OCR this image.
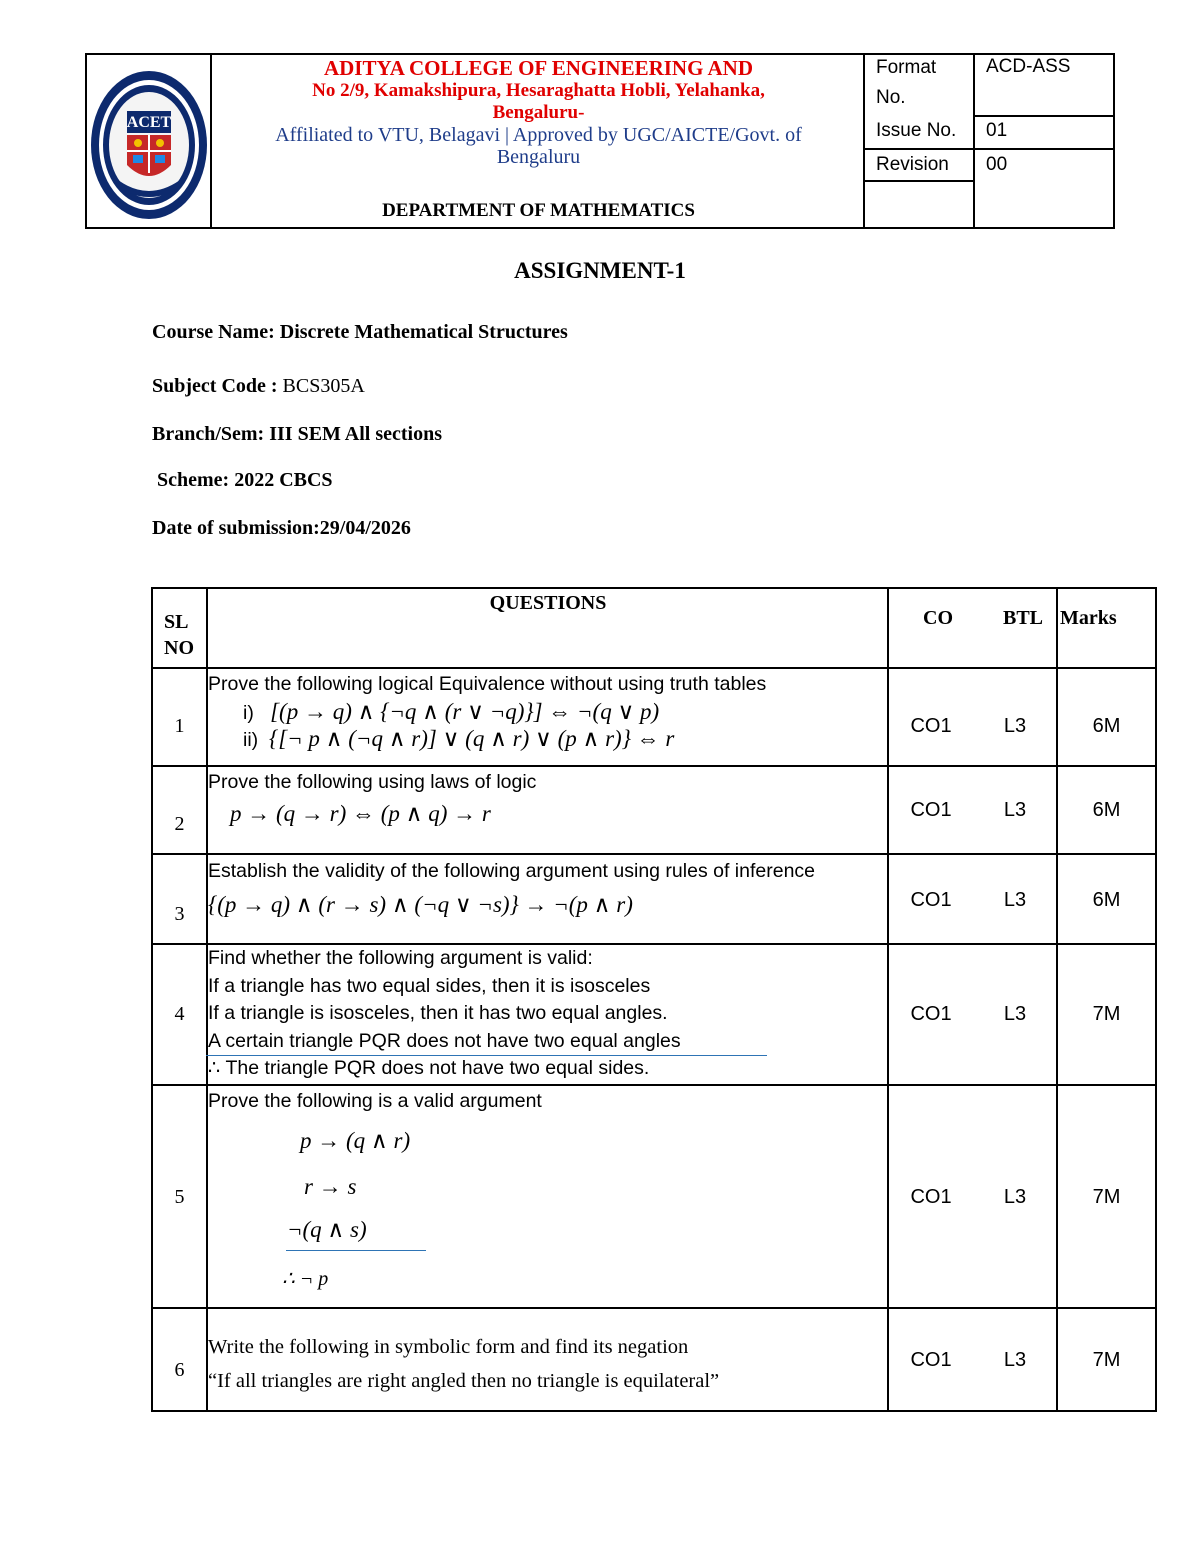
ACET
ADITYA COLLEGE OF ENGINEERING AND
No 2/9, Kamakshipura, Hesaraghatta Hobli, Yelahanka,
Bengaluru-
Affiliated to VTU, Belagavi | Approved by UGC/AICTE/Govt. of
Bengaluru
DEPARTMENT OF MATHEMATICS
Format
No.
ACD-ASS
Issue No. 01
Revision 00
ASSIGNMENT-1
Course Name: Discrete Mathematical Structures
Subject Code : BCS305A
Branch/Sem: III SEM All sections
Scheme: 2022 CBCS
Date of submission:29/04/2026
SL
NO
QUESTIONS
CO	BTL Marks
1
Prove the following logical Equivalence without using truth tables
i) [(p → q) ∧ {¬q ∧ (r ∨ ¬q)}] ⇔ ¬(q ∨ p)
ii) {[¬ p ∧ (¬q ∧ r)] ∨ (q ∧ r) ∨ (p ∧ r)} ⇔ r	CO1	L3	6M
2
Prove the following using laws of logic
p → (q → r) ⇔ (p ∧ q) → r	CO1	L3	6M
3
Establish the validity of the following argument using rules of inference
{(p → q) ∧ (r → s) ∧ (¬q ∨ ¬s)} → ¬(p ∧ r)	CO1	L3	6M
4
Find whether the following argument is valid:
If a triangle has two equal sides, then it is isosceles
If a triangle is isosceles, then it has two equal angles.
A certain triangle PQR does not have two equal angles
∴ The triangle PQR does not have two equal sides.
CO1	L3	7M
5
Prove the following is a valid argument
p → (q ∧ r)
r → s
¬(q ∧ s)
∴ ¬ p
CO1	L3	7M
6
Write the following in symbolic form and find its negation
“If all triangles are right angled then no triangle is equilateral”
CO1	L3	7M
